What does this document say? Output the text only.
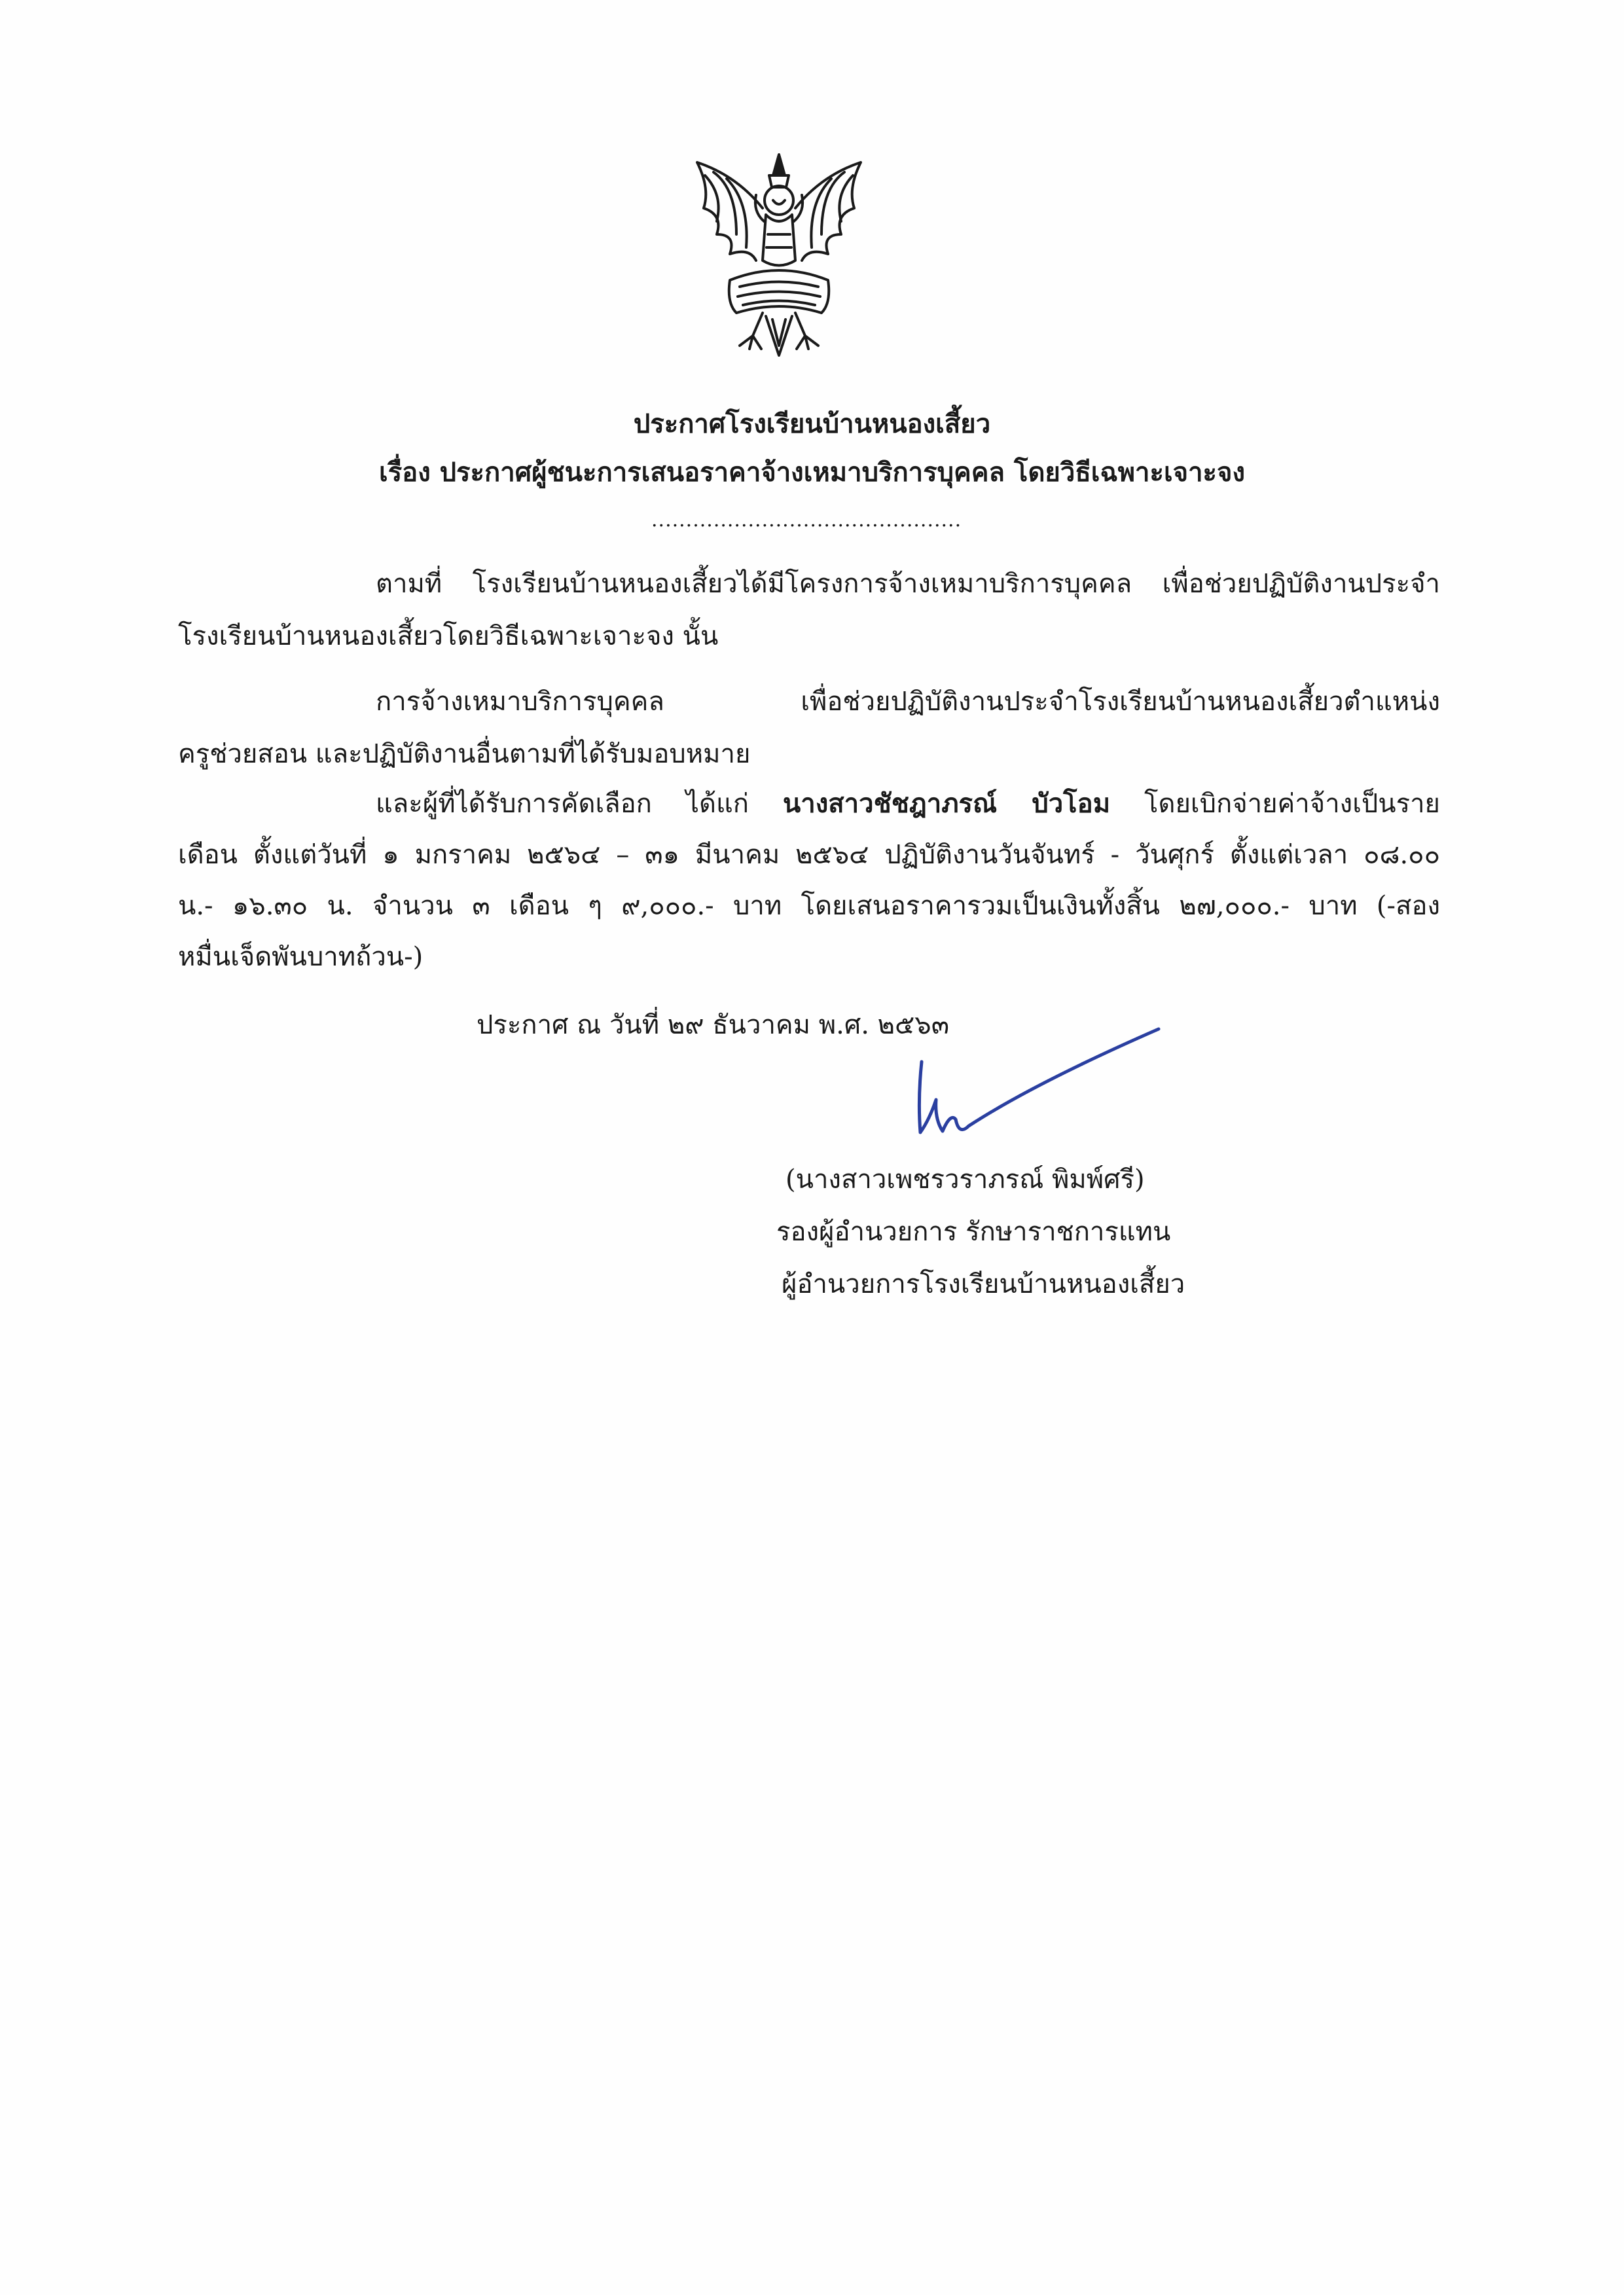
ประกาศโรงเรียนบ้านหนองเสี้ยว
เรื่อง ประกาศผู้ชนะการเสนอราคาจ้างเหมาบริการบุคคล โดยวิธีเฉพาะเจาะจง
.............................................
ตามที่ โรงเรียนบ้านหนองเสี้ยวได้มีโครงการจ้างเหมาบริการบุคคล เพื่อช่วยปฏิบัติงานประจำ
โรงเรียนบ้านหนองเสี้ยวโดยวิธีเฉพาะเจาะจง นั้น
การจ้างเหมาบริการบุคคล เพื่อช่วยปฏิบัติงานประจำโรงเรียนบ้านหนองเสี้ยวตำแหน่ง
ครูช่วยสอน และปฏิบัติงานอื่นตามที่ได้รับมอบหมาย
และผู้ที่ได้รับการคัดเลือก ได้แก่ นางสาวชัชฎาภรณ์ บัวโอม โดยเบิกจ่ายค่าจ้างเป็นราย
เดือน ตั้งแต่วันที่ ๑ มกราคม ๒๕๖๔ – ๓๑ มีนาคม ๒๕๖๔ ปฏิบัติงานวันจันทร์ - วันศุกร์ ตั้งแต่เวลา ๐๘.๐๐
น.- ๑๖.๓๐ น. จำนวน ๓ เดือน ๆ ๙,๐๐๐.- บาท โดยเสนอราคารวมเป็นเงินทั้งสิ้น ๒๗,๐๐๐.- บาท (-สอง
หมื่นเจ็ดพันบาทถ้วน-)
ประกาศ ณ วันที่ ๒๙ ธันวาคม พ.ศ. ๒๕๖๓
(นางสาวเพชรวราภรณ์ พิมพ์ศรี)
รองผู้อำนวยการ รักษาราชการแทน
ผู้อำนวยการโรงเรียนบ้านหนองเสี้ยว
